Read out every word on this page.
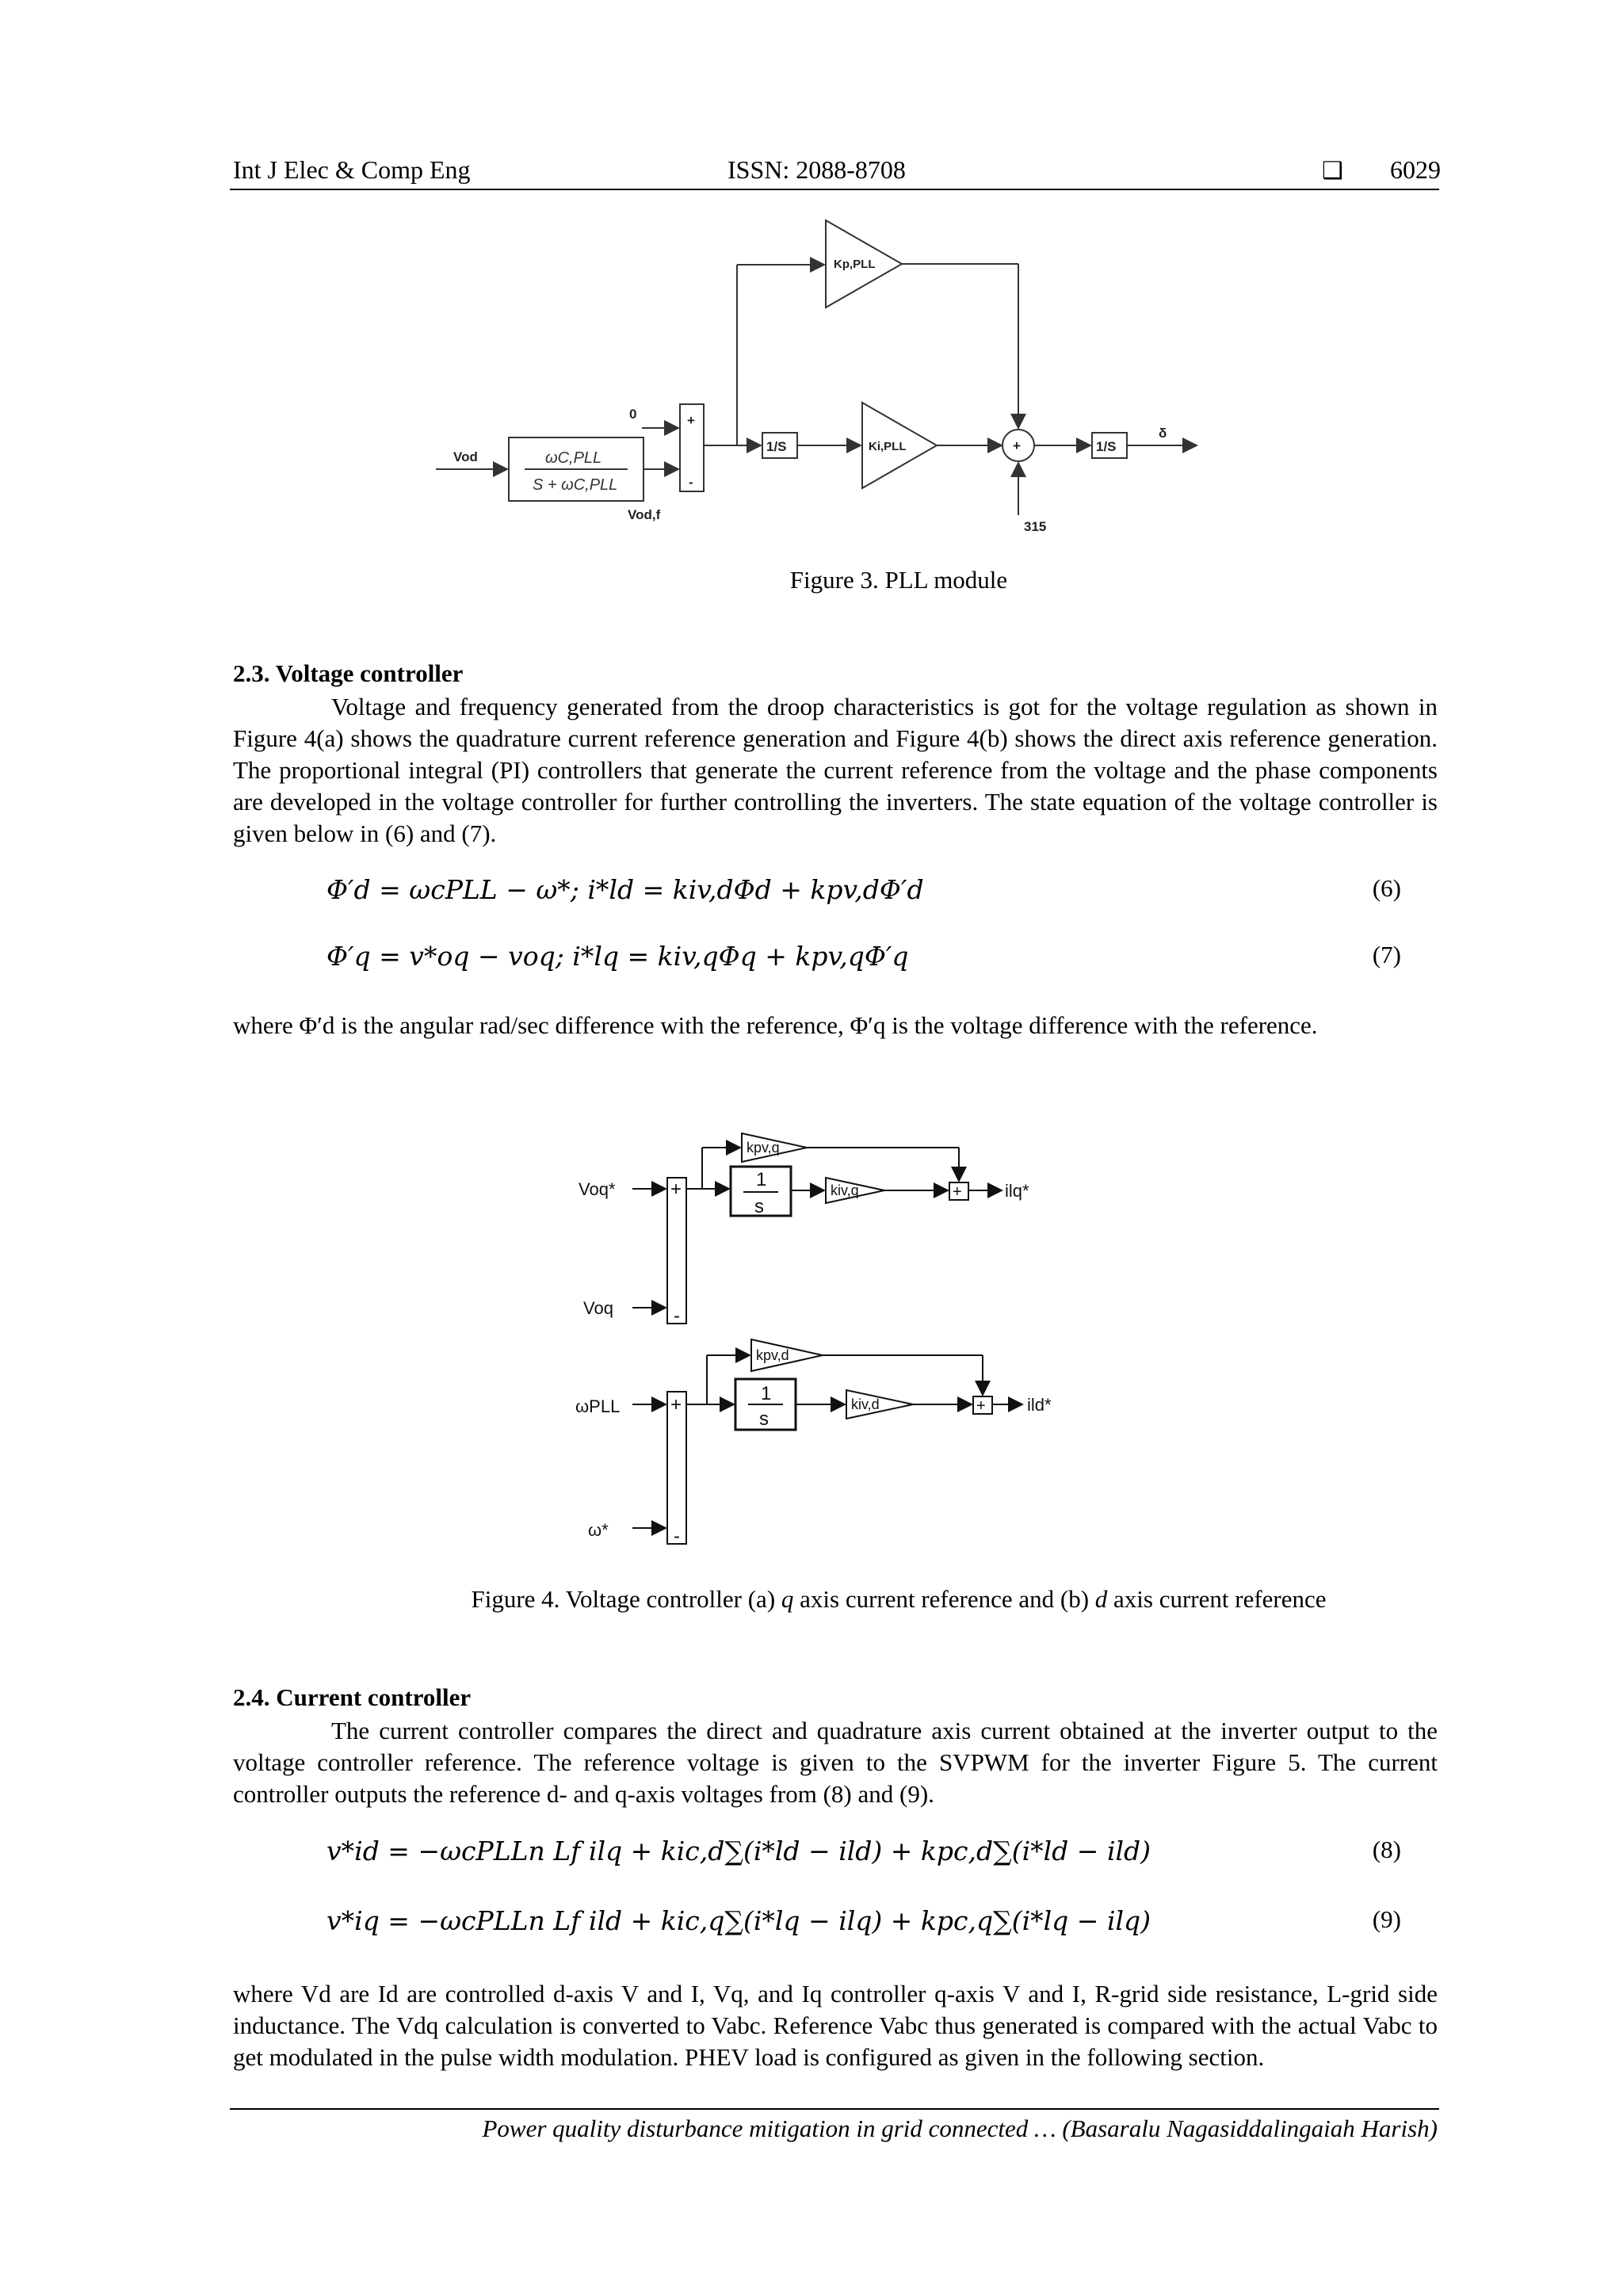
Int J Elec & Comp Eng	ISSN: 2088-8708	❑ 6029
Vod
0	+
-
1/S
Kp,PLL
Ki,PLL	+	1/S
δ
315
Vod,f
ωC,PLL
S + ωC,PLL
Figure 3. PLL module
2.3. Voltage controller

Voltage and frequency generated from the droop characteristics is got for the voltage regulation as shown in Figure 4(a) shows the quadrature current reference generation and Figure 4(b) shows the direct axis reference generation. The proportional integral (PI) controllers that generate the current reference from the voltage and the phase components are developed in the voltage controller for further controlling the inverters. The state equation of the voltage controller is given below in (6) and (7).

Φ′d = ωcPLL − ω*; i*ld = kiv,dΦd + kpv,dΦ′d	(6)
Φ′q = v*oq − voq; i*lq = kiv,qΦq + kpv,qΦ′q	(7)

where Φ′d is the angular rad/sec difference with the reference, Φ′q is the voltage difference with the reference.

Voq*
Voq
+
-
kpv,q
1
s
kiv,q	+ ilq*
ωPLL
ω*
+
-
kpv,d
1
s
kiv,d	+ ild*
Figure 4. Voltage controller (a) q axis current reference and (b) d axis current reference
2.4. Current controller

The current controller compares the direct and quadrature axis current obtained at the inverter output to the voltage controller reference. The reference voltage is given to the SVPWM for the inverter Figure 5. The current controller outputs the reference d- and q-axis voltages from (8) and (9).

v*id = −ωcPLLn Lf ilq + kic,d∑(i*ld − ild) + kpc,d∑(i*ld − ild)	(8)
v*iq = −ωcPLLn Lf ild + kic,q∑(i*lq − ilq) + kpc,q∑(i*lq − ilq)	(9)

where Vd are Id are controlled d-axis V and I, Vq, and Iq controller q-axis V and I, R-grid side resistance, L-grid side inductance. The Vdq calculation is converted to Vabc. Reference Vabc thus generated is compared with the actual Vabc to get modulated in the pulse width modulation. PHEV load is configured as given in the following section.

Power quality disturbance mitigation in grid connected … (Basaralu Nagasiddalingaiah Harish)
